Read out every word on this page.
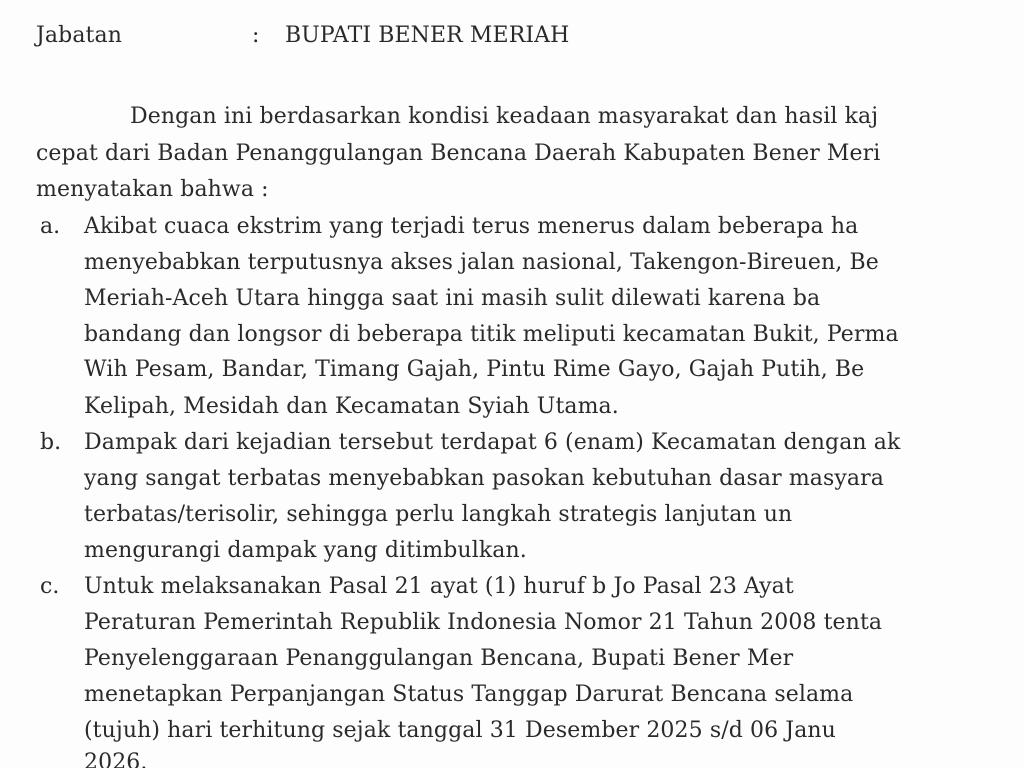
Jabatan	: BUPATI BENER MERIAH
Dengan ini berdasarkan kondisi keadaan masyarakat dan hasil kaj
cepat dari Badan Penanggulangan Bencana Daerah Kabupaten Bener Meri
menyatakan bahwa :
a. Akibat cuaca ekstrim yang terjadi terus menerus dalam beberapa ha
menyebabkan terputusnya akses jalan nasional, Takengon-Bireuen, Be
Meriah-Aceh Utara hingga saat ini masih sulit dilewati karena ba
bandang dan longsor di beberapa titik meliputi kecamatan Bukit, Perma
Wih Pesam, Bandar, Timang Gajah, Pintu Rime Gayo, Gajah Putih, Be
Kelipah, Mesidah dan Kecamatan Syiah Utama.
b. Dampak dari kejadian tersebut terdapat 6 (enam) Kecamatan dengan ak
yang sangat terbatas menyebabkan pasokan kebutuhan dasar masyara
terbatas/terisolir, sehingga perlu langkah strategis lanjutan un
mengurangi dampak yang ditimbulkan.
c. Untuk melaksanakan Pasal 21 ayat (1) huruf b Jo Pasal 23 Ayat
Peraturan Pemerintah Republik Indonesia Nomor 21 Tahun 2008 tenta
Penyelenggaraan Penanggulangan Bencana, Bupati Bener Mer
menetapkan Perpanjangan Status Tanggap Darurat Bencana selama
(tujuh) hari terhitung sejak tanggal 31 Desember 2025 s/d 06 Janu
2026.
